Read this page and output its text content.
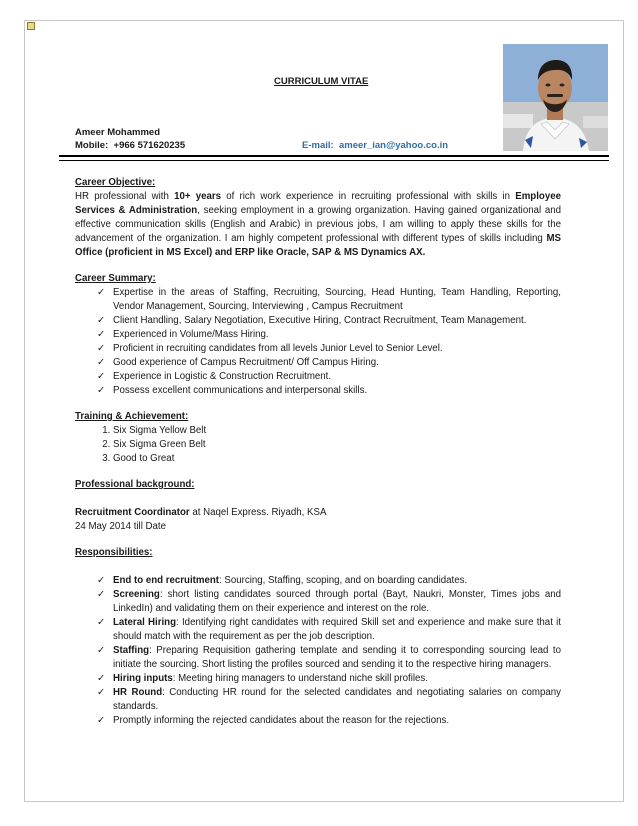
CURRICULUM VITAE
Ameer Mohammed
Mobile: +966 571620235	E-mail: ameer_ian@yahoo.co.in

Career Objective:

HR professional with 10+ years of rich work experience in recruiting professional with skills in Employee Services & Administration, seeking employment in a growing organization. Having gained organizational and effective communication skills (English and Arabic) in previous jobs, I am willing to apply these skills for the advancement of the organization. I am highly competent professional with different types of skills including MS Office (proficient in MS Excel) and ERP like Oracle, SAP & MS Dynamics AX.

Career Summary:

✓ Expertise in the areas of Staffing, Recruiting, Sourcing, Head Hunting, Team Handling, Reporting, Vendor Management, Sourcing, Interviewing , Campus Recruitment
✓ Client Handling, Salary Negotiation, Executive Hiring, Contract Recruitment, Team Management.
✓ Experienced in Volume/Mass Hiring.
✓ Proficient in recruiting candidates from all levels Junior Level to Senior Level.
✓ Good experience of Campus Recruitment/ Off Campus Hiring.
✓ Experience in Logistic & Construction Recruitment.
✓ Possess excellent communications and interpersonal skills.

Training & Achievement:

1. Six Sigma Yellow Belt
2. Six Sigma Green Belt
3. Good to Great

Professional background:

Recruitment Coordinator at Naqel Express. Riyadh, KSA

24 May 2014 till Date

Responsibilities:

✓ End to end recruitment: Sourcing, Staffing, scoping, and on boarding candidates.
✓ Screening: short listing candidates sourced through portal (Bayt, Naukri, Monster, Times jobs and LinkedIn) and validating them on their experience and interest on the role.
✓ Lateral Hiring: Identifying right candidates with required Skill set and experience and make sure that it should match with the requirement as per the job description.
✓ Staffing: Preparing Requisition gathering template and sending it to corresponding sourcing lead to initiate the sourcing. Short listing the profiles sourced and sending it to the respective hiring managers.
✓ Hiring inputs: Meeting hiring managers to understand niche skill profiles.
✓ HR Round: Conducting HR round for the selected candidates and negotiating salaries on company standards.
✓ Promptly informing the rejected candidates about the reason for the rejections.
